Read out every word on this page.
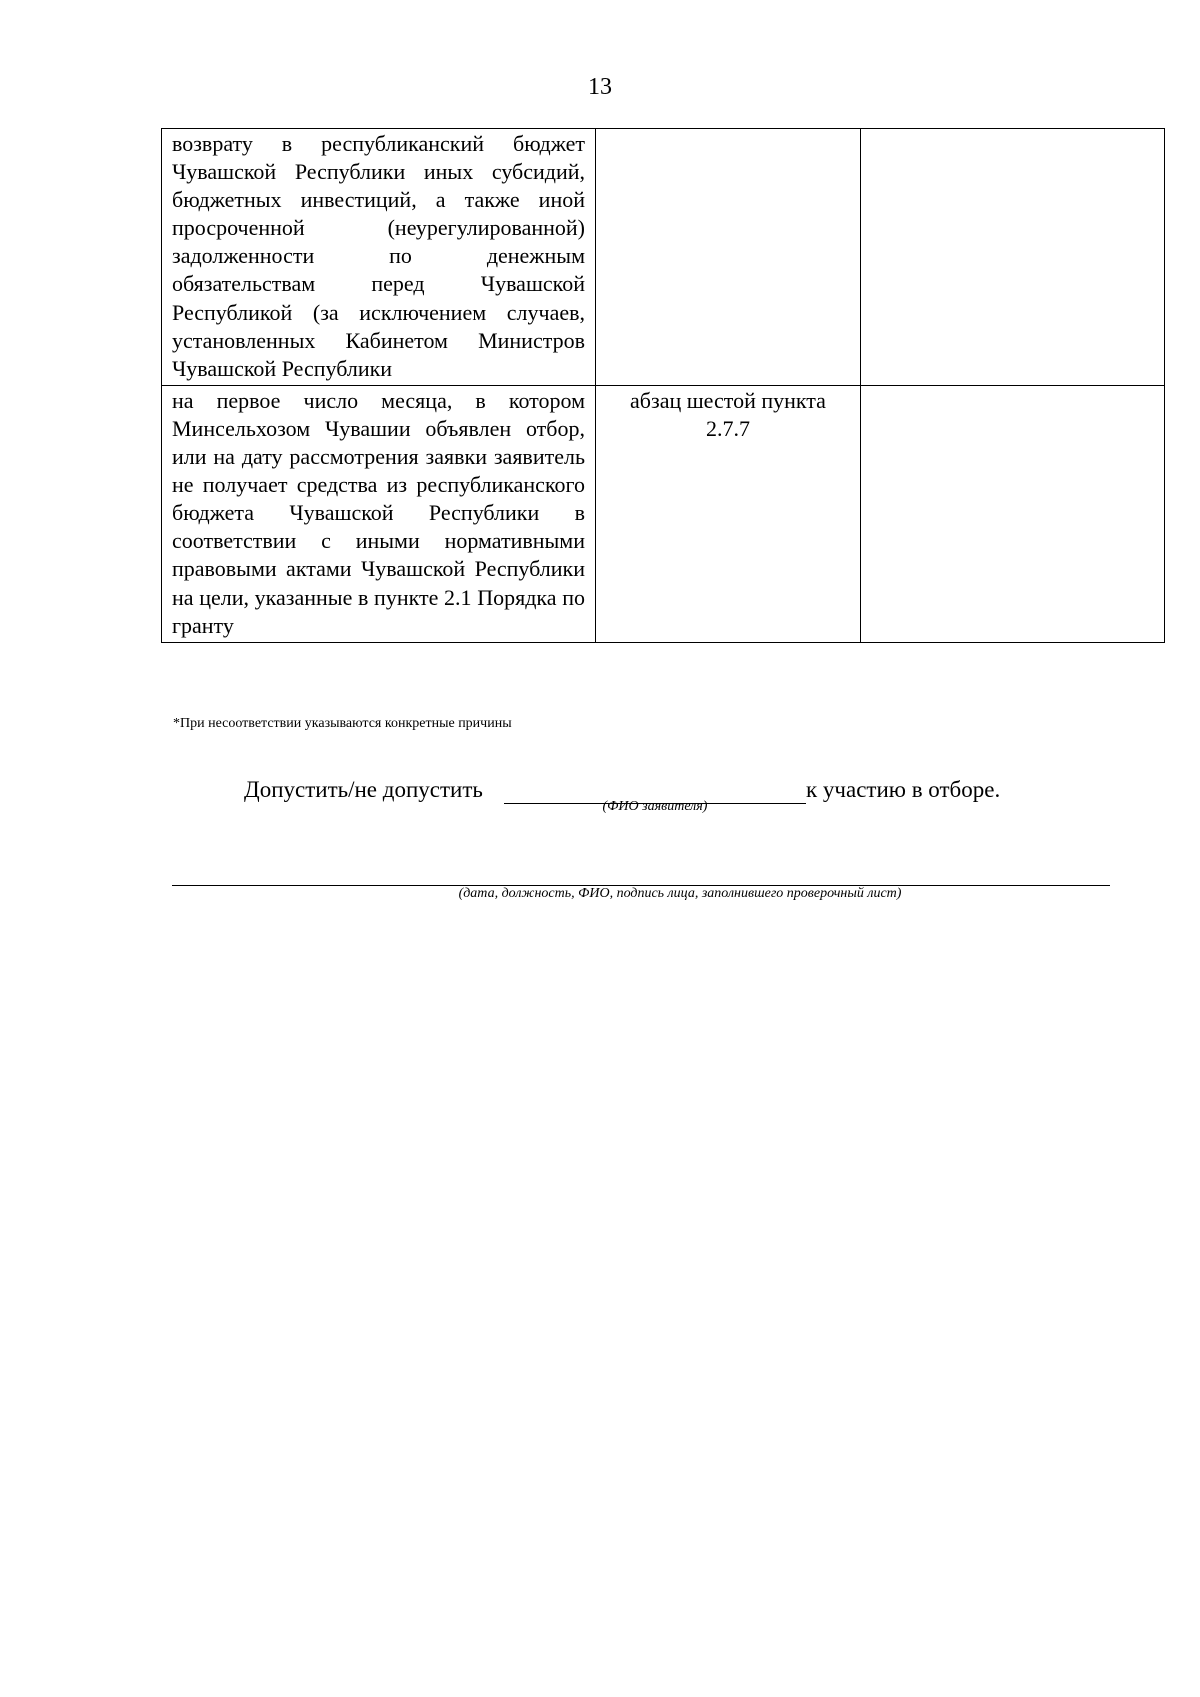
13
возврату в республиканский бюджет Чувашской Республики иных субсидий, бюджетных инвестиций, а также иной просроченной (неурегулированной) задолженности по денежным обязательствам перед Чувашской Республикой (за исключением случаев, установленных Кабинетом Министров Чувашской Республики		
на первое число месяца, в котором Минсельхозом Чувашии объявлен отбор, или на дату рассмотрения заявки заявитель не получает средства из республиканского бюджета Чувашской Республики в соответствии с иными нормативными правовыми актами Чувашской Республики на цели, указанные в пункте 2.1 Порядка по гранту	абзац шестой пункта 2.7.7	
*При несоответствии указываются конкретные причины
Допустить/не допустить
(ФИО заявителя)
к участию в отборе.
(дата, должность, ФИО, подпись лица, заполнившего проверочный лист)
